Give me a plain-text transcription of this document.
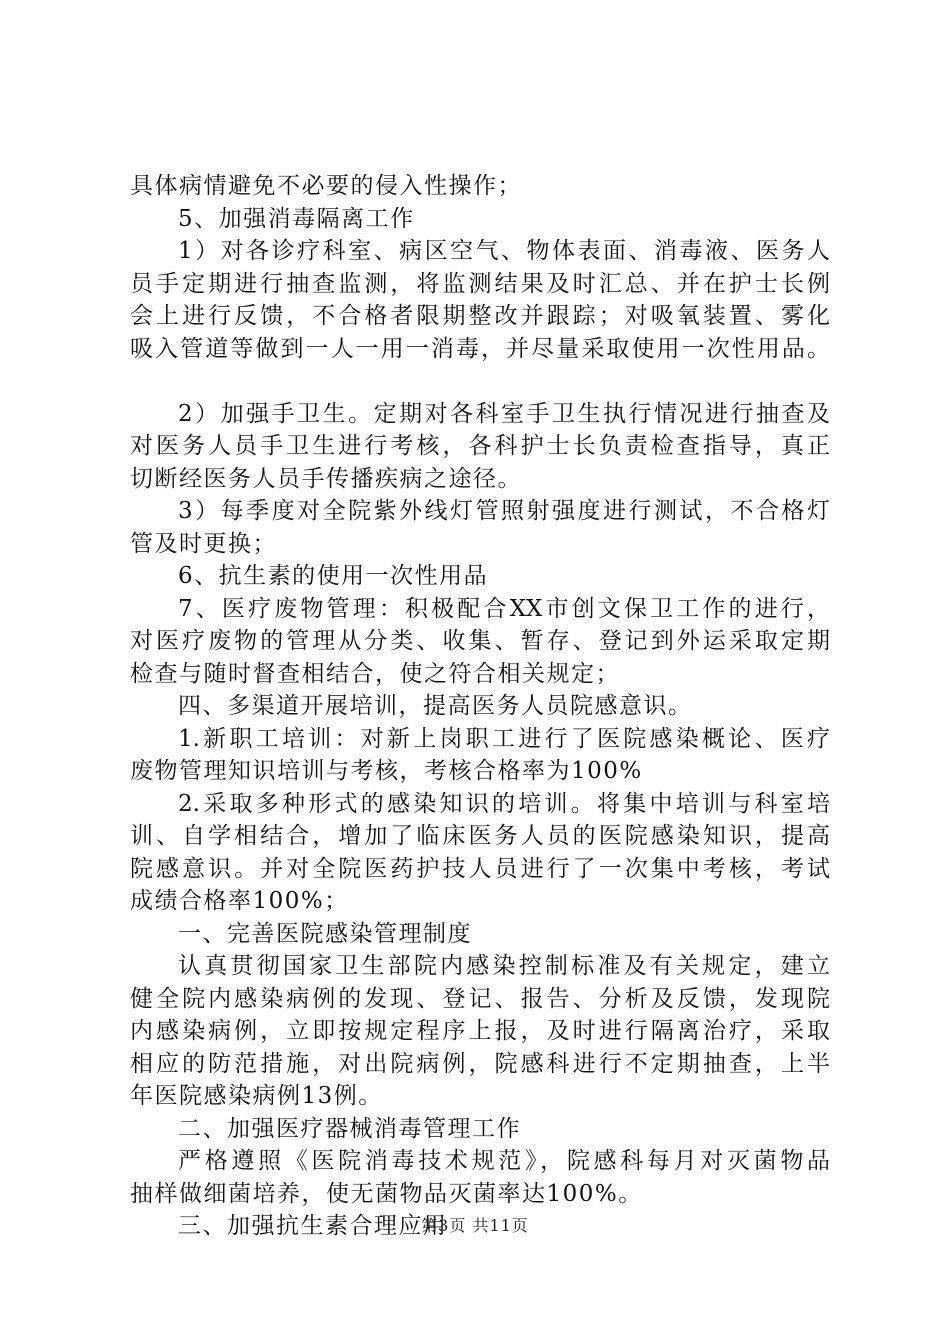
具体病情避免不必要的侵入性操作；
5、加强消毒隔离工作
1）对各诊疗科室、病区空气、物体表面、消毒液、医务人
员手定期进行抽查监测，将监测结果及时汇总、并在护士长例
会上进行反馈，不合格者限期整改并跟踪；对吸氧装置、雾化
吸入管道等做到一人一用一消毒，并尽量采取使用一次性用品。
2）加强手卫生。定期对各科室手卫生执行情况进行抽查及
对医务人员手卫生进行考核，各科护士长负责检查指导，真正
切断经医务人员手传播疾病之途径。
3）每季度对全院紫外线灯管照射强度进行测试，不合格灯
管及时更换；
6、抗生素的使用一次性用品
7、医疗废物管理：积极配合XX市创文保卫工作的进行，
对医疗废物的管理从分类、收集、暂存、登记到外运采取定期
检查与随时督查相结合，使之符合相关规定；
四、多渠道开展培训，提高医务人员院感意识。
1.新职工培训：对新上岗职工进行了医院感染概论、医疗
废物管理知识培训与考核，考核合格率为100%
2.采取多种形式的感染知识的培训。将集中培训与科室培
训、自学相结合，增加了临床医务人员的医院感染知识，提高
院感意识。并对全院医药护技人员进行了一次集中考核，考试
成绩合格率100%；
一、完善医院感染管理制度
认真贯彻国家卫生部院内感染控制标准及有关规定，建立
健全院内感染病例的发现、登记、报告、分析及反馈，发现院
内感染病例，立即按规定程序上报，及时进行隔离治疗，采取
相应的防范措施，对出院病例，院感科进行不定期抽查，上半
年医院感染病例13例。
二、加强医疗器械消毒管理工作
严格遵照《医院消毒技术规范》，院感科每月对灭菌物品
抽样做细菌培养，使无菌物品灭菌率达100%。
三、加强抗生素合理应用
第3页 共11页
